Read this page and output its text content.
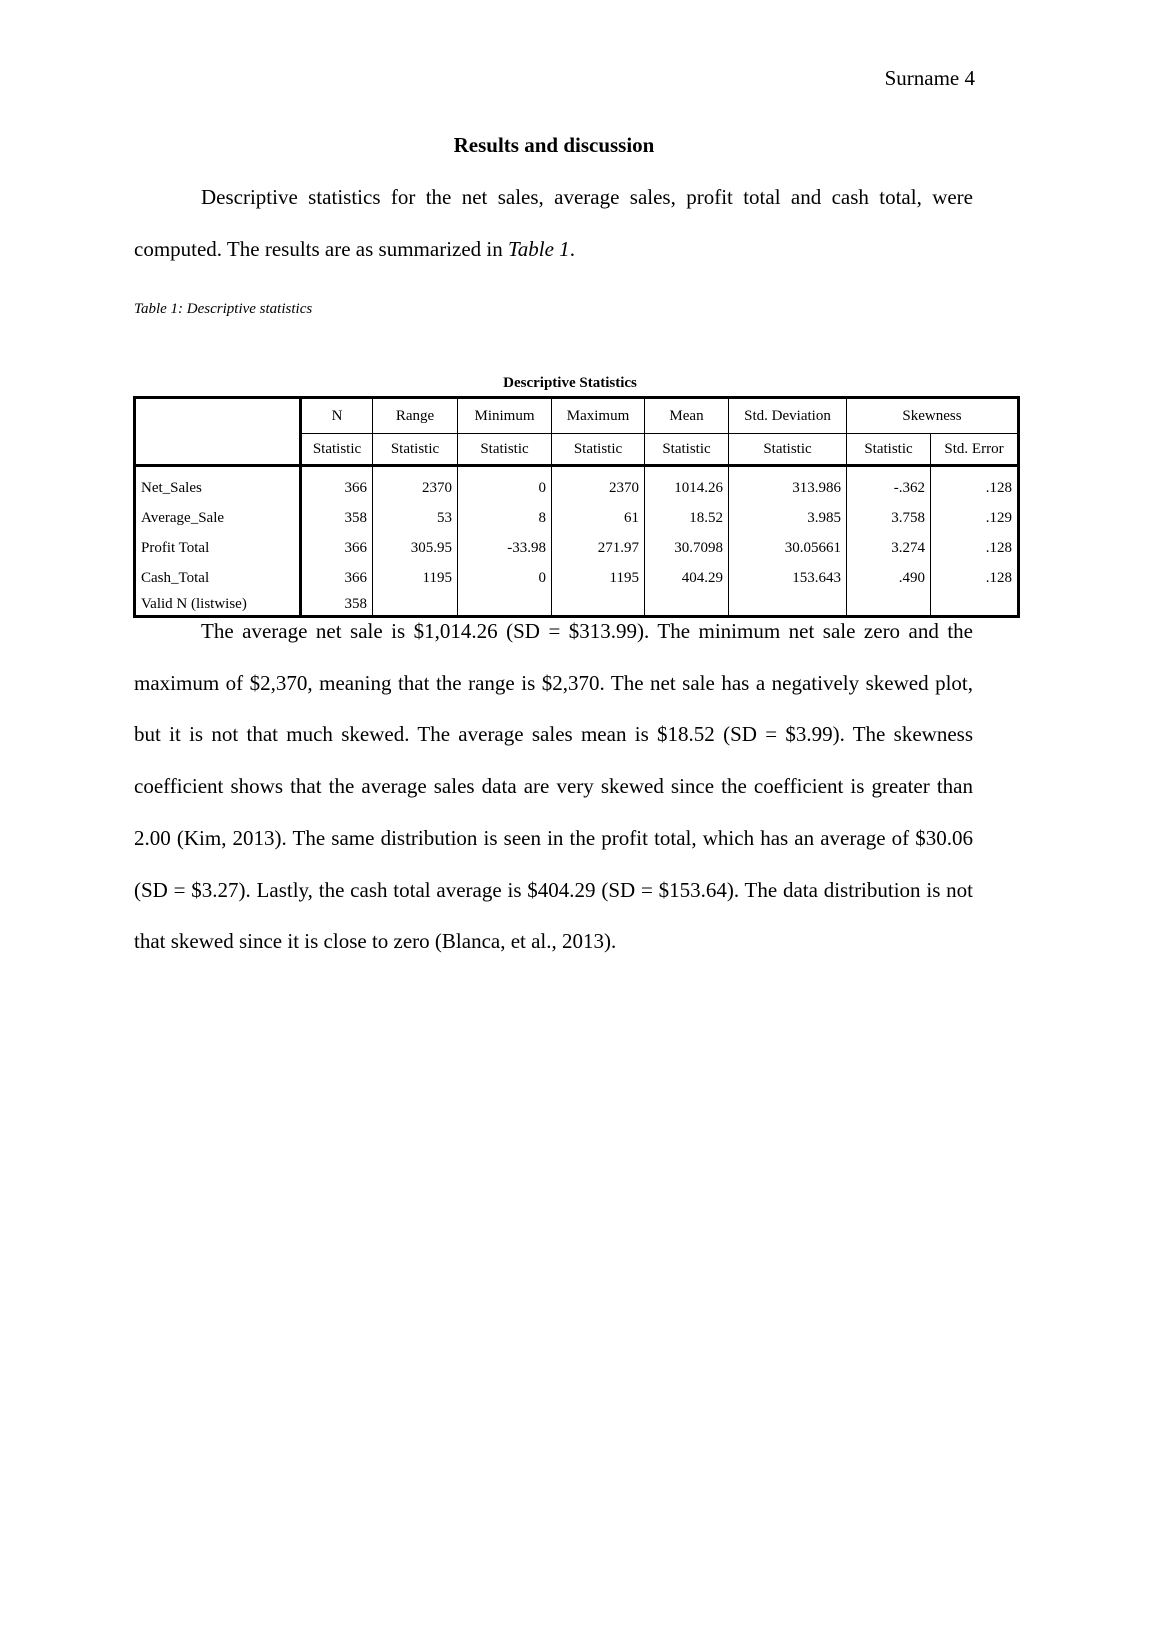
Surname 4
Results and discussion
Descriptive statistics for the net sales, average sales, profit total and cash total, were computed. The results are as summarized in Table 1.
Table 1: Descriptive statistics
Descriptive Statistics
	N	Range	Minimum	Maximum	Mean	Std. Deviation	Skewness	
	Statistic	Statistic	Statistic	Statistic	Statistic	Statistic	Statistic	Std. Error
Net_Sales	366	2370	0	2370	1014.26	313.986	-.362	.128
Average_Sale	358	53	8	61	18.52	3.985	3.758	.129
Profit Total	366	305.95	-33.98	271.97	30.7098	30.05661	3.274	.128
Cash_Total	366	1195	0	1195	404.29	153.643	.490	.128
Valid N (listwise)	358							
The average net sale is $1,014.26 (SD = $313.99). The minimum net sale zero and the maximum of $2,370, meaning that the range is $2,370. The net sale has a negatively skewed plot, but it is not that much skewed. The average sales mean is $18.52 (SD = $3.99). The skewness coefficient shows that the average sales data are very skewed since the coefficient is greater than 2.00 (Kim, 2013). The same distribution is seen in the profit total, which has an average of $30.06 (SD = $3.27). Lastly, the cash total average is $404.29 (SD = $153.64). The data distribution is not that skewed since it is close to zero (Blanca, et al., 2013).
